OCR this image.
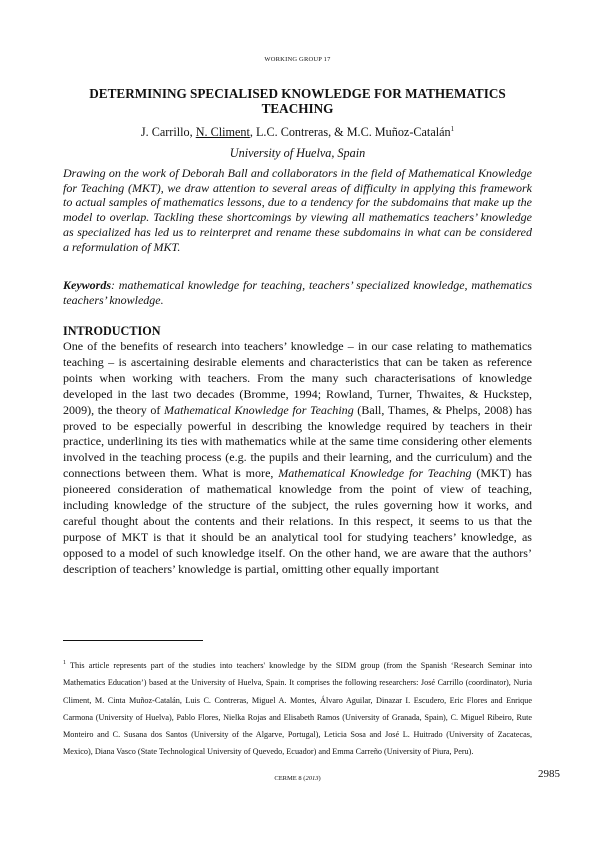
WORKING GROUP 17
DETERMINING SPECIALISED KNOWLEDGE FOR MATHEMATICS TEACHING
J. Carrillo, N. Climent, L.C. Contreras, & M.C. Muñoz-Catalán$^1$
University of Huelva, Spain
Drawing on the work of Deborah Ball and collaborators in the field of Mathematical Knowledge for Teaching (MKT), we draw attention to several areas of difficulty in applying this framework to actual samples of mathematics lessons, due to a tendency for the subdomains that make up the model to overlap. Tackling these shortcomings by viewing all mathematics teachers’ knowledge as specialized has led us to reinterpret and rename these subdomains in what can be considered a reformulation of MKT.
Keywords: mathematical knowledge for teaching, teachers’ specialized knowledge, mathematics teachers’ knowledge.
INTRODUCTION
One of the benefits of research into teachers’ knowledge – in our case relating to mathematics teaching – is ascertaining desirable elements and characteristics that can be taken as reference points when working with teachers. From the many such characterisations of knowledge developed in the last two decades (Bromme, 1994; Rowland, Turner, Thwaites, & Huckstep, 2009), the theory of Mathematical Knowledge for Teaching (Ball, Thames, & Phelps, 2008) has proved to be especially powerful in describing the knowledge required by teachers in their practice, underlining its ties with mathematics while at the same time considering other elements involved in the teaching process (e.g. the pupils and their learning, and the curriculum) and the connections between them. What is more, Mathematical Knowledge for Teaching (MKT) has pioneered consideration of mathematical knowledge from the point of view of teaching, including knowledge of the structure of the subject, the rules governing how it works, and careful thought about the contents and their relations. In this respect, it seems to us that the purpose of MKT is that it should be an analytical tool for studying teachers’ knowledge, as opposed to a model of such knowledge itself. On the other hand, we are aware that the authors’ description of teachers’ knowledge is partial, omitting other equally important
$^1$ This article represents part of the studies into teachers' knowledge by the SIDM group (from the Spanish ‘Research Seminar into Mathematics Education’) based at the University of Huelva, Spain. It comprises the following researchers: José Carrillo (coordinator), Nuria Climent, M. Cinta Muñoz-Catalán, Luis C. Contreras, Miguel A. Montes, Álvaro Aguilar, Dinazar I. Escudero, Eric Flores and Enrique Carmona (University of Huelva), Pablo Flores, Nielka Rojas and Elisabeth Ramos (University of Granada, Spain), C. Miguel Ribeiro, Rute Monteiro and C. Susana dos Santos (University of the Algarve, Portugal), Leticia Sosa and José L. Huitrado (University of Zacatecas, Mexico), Diana Vasco (State Technological University of Quevedo, Ecuador) and Emma Carreño (University of Piura, Peru).
CERME 8 (2013)	2985
